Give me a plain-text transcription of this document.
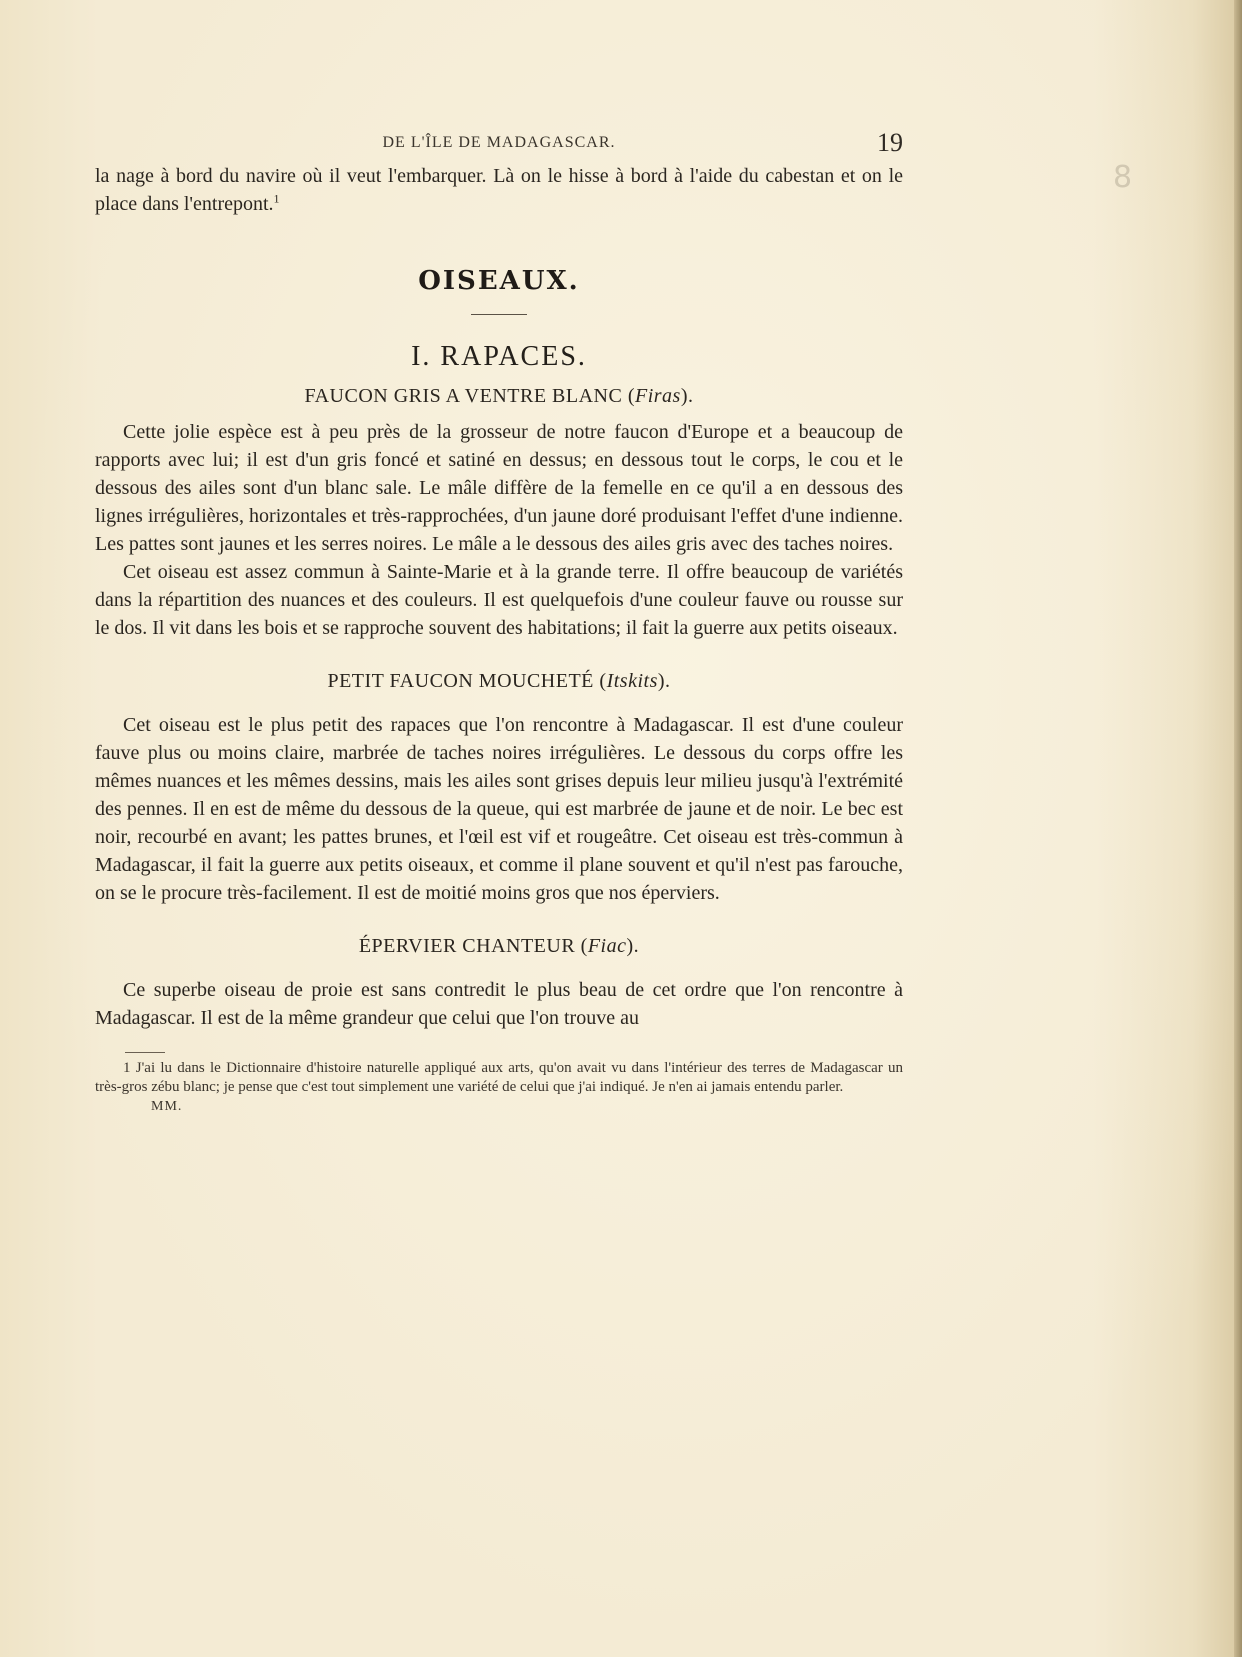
8
DE L'ÎLE DE MADAGASCAR.	19

la nage à bord du navire où il veut l'embarquer. Là on le hisse à bord à l'aide du cabestan et on le place dans l'entrepont.$^1$

OISEAUX.
I. RAPACES.
FAUCON GRIS A VENTRE BLANC (Firas).

Cette jolie espèce est à peu près de la grosseur de notre faucon d'Europe et a beaucoup de rapports avec lui; il est d'un gris foncé et satiné en dessus; en dessous tout le corps, le cou et le dessous des ailes sont d'un blanc sale. Le mâle diffère de la femelle en ce qu'il a en dessous des lignes irrégulières, horizontales et très-rapprochées, d'un jaune doré produisant l'effet d'une indienne. Les pattes sont jaunes et les serres noires. Le mâle a le dessous des ailes gris avec des taches noires.

Cet oiseau est assez commun à Sainte-Marie et à la grande terre. Il offre beaucoup de variétés dans la répartition des nuances et des couleurs. Il est quelquefois d'une couleur fauve ou rousse sur le dos. Il vit dans les bois et se rapproche souvent des habitations; il fait la guerre aux petits oiseaux.

PETIT FAUCON MOUCHETÉ (Itskits).

Cet oiseau est le plus petit des rapaces que l'on rencontre à Madagascar. Il est d'une couleur fauve plus ou moins claire, marbrée de taches noires irrégulières. Le dessous du corps offre les mêmes nuances et les mêmes dessins, mais les ailes sont grises depuis leur milieu jusqu'à l'extrémité des pennes. Il en est de même du dessous de la queue, qui est marbrée de jaune et de noir. Le bec est noir, recourbé en avant; les pattes brunes, et l'œil est vif et rougeâtre. Cet oiseau est très-commun à Madagascar, il fait la guerre aux petits oiseaux, et comme il plane souvent et qu'il n'est pas farouche, on se le procure très-facilement. Il est de moitié moins gros que nos éperviers.

ÉPERVIER CHANTEUR (Fiac).

Ce superbe oiseau de proie est sans contredit le plus beau de cet ordre que l'on rencontre à Madagascar. Il est de la même grandeur que celui que l'on trouve au

1 J'ai lu dans le Dictionnaire d'histoire naturelle appliqué aux arts, qu'on avait vu dans l'intérieur des terres de Madagascar un très-gros zébu blanc; je pense que c'est tout simplement une variété de celui que j'ai indiqué. Je n'en ai jamais entendu parler.
MM.
